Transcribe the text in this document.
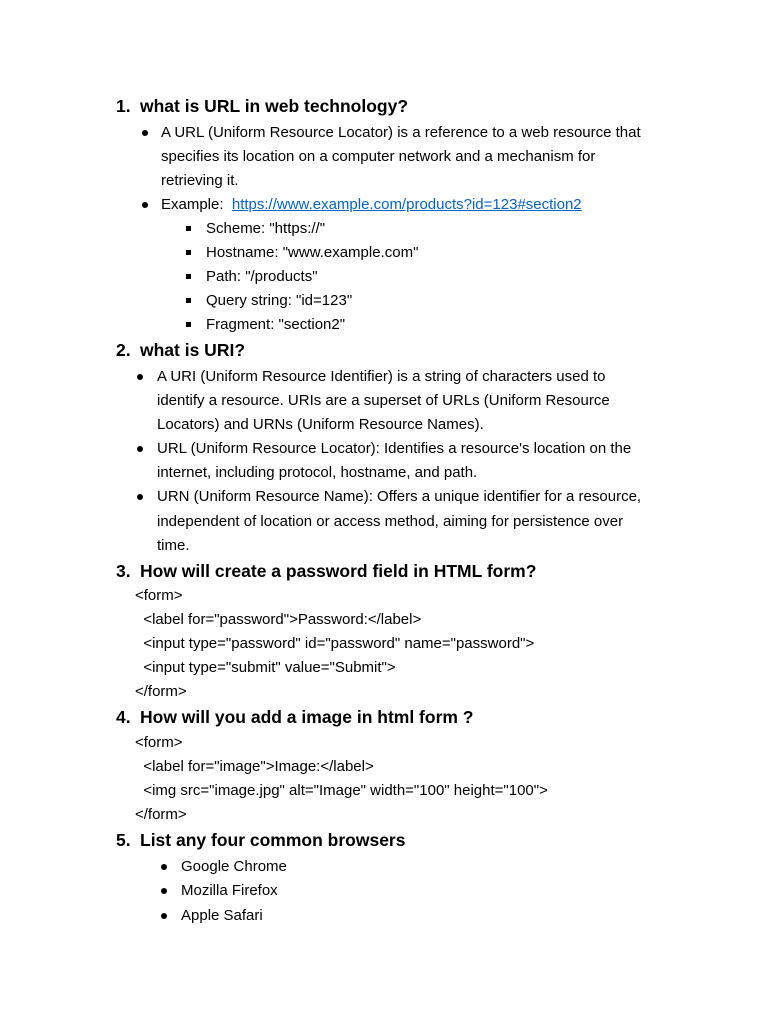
1. what is URL in web technology?
A URL (Uniform Resource Locator) is a reference to a web resource that
specifies its location on a computer network and a mechanism for
retrieving it.
Example: https://www.example.com/products?id=123#section2
Scheme: "https://"
Hostname: "www.example.com"
Path: "/products"
Query string: "id=123"
Fragment: "section2"
2. what is URI?
A URI (Uniform Resource Identifier) is a string of characters used to
identify a resource. URIs are a superset of URLs (Uniform Resource
Locators) and URNs (Uniform Resource Names).
URL (Uniform Resource Locator): Identifies a resource's location on the
internet, including protocol, hostname, and path.
URN (Uniform Resource Name): Offers a unique identifier for a resource,
independent of location or access method, aiming for persistence over
time.
3. How will create a password field in HTML form?
<form>
<label for="password">Password:</label>
<input type="password" id="password" name="password">
<input type="submit" value="Submit">
</form>
4. How will you add a image in html form ?
<form>
<label for="image">Image:</label>
<img src="image.jpg" alt="Image" width="100" height="100">
</form>
5. List any four common browsers
Google Chrome
Mozilla Firefox
Apple Safari
